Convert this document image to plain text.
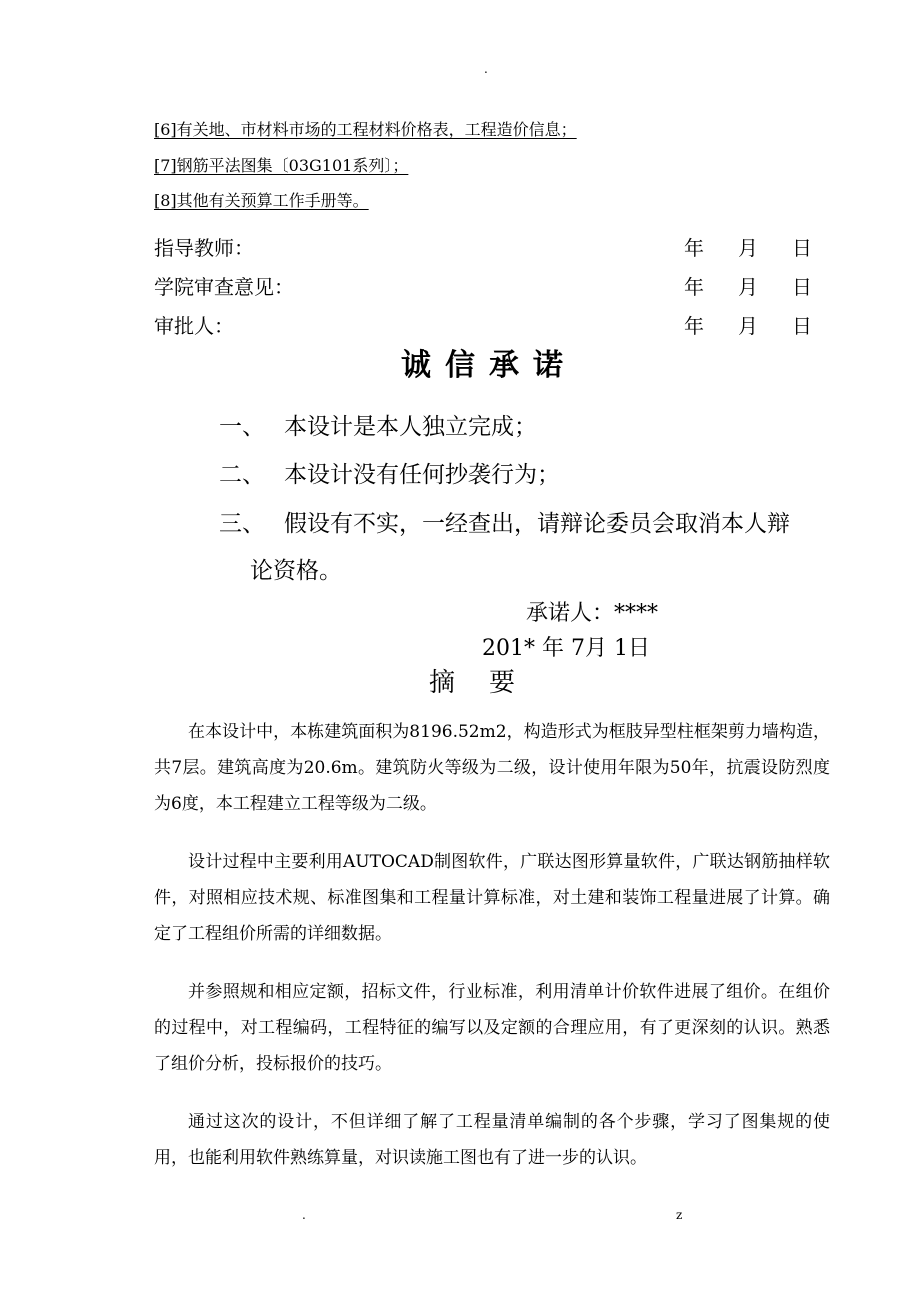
.
[6]有关地、市材料市场的工程材料价格表，工程造价信息；
[7]钢筋平法图集〔03G101系列〕；
[8]其他有关预算工作手册等。
指导教师：	年 月 日
学院审查意见：	年 月 日
审批人：	年 月 日
诚信承诺
一、 本设计是本人独立完成；
二、 本设计没有任何抄袭行为；
三、 假设有不实，一经查出，请辩论委员会取消本人辩
论资格。
承诺人：****
201* 年 7月 1日
摘要
在本设计中，本栋建筑面积为8196.52m2，构造形式为框肢异型柱框架剪力墙构造，共7层。建筑高度为20.6m。建筑防火等级为二级，设计使用年限为50年，抗震设防烈度为6度，本工程建立工程等级为二级。
设计过程中主要利用AUTOCAD制图软件，广联达图形算量软件，广联达钢筋抽样软件，对照相应技术规、标准图集和工程量计算标准，对土建和装饰工程量进展了计算。确定了工程组价所需的详细数据。
并参照规和相应定额，招标文件，行业标准，利用清单计价软件进展了组价。在组价的过程中，对工程编码，工程特征的编写以及定额的合理应用，有了更深刻的认识。熟悉了组价分析，投标报价的技巧。
通过这次的设计，不但详细了解了工程量清单编制的各个步骤，学习了图集规的使用，也能利用软件熟练算量，对识读施工图也有了进一步的认识。
.	z
